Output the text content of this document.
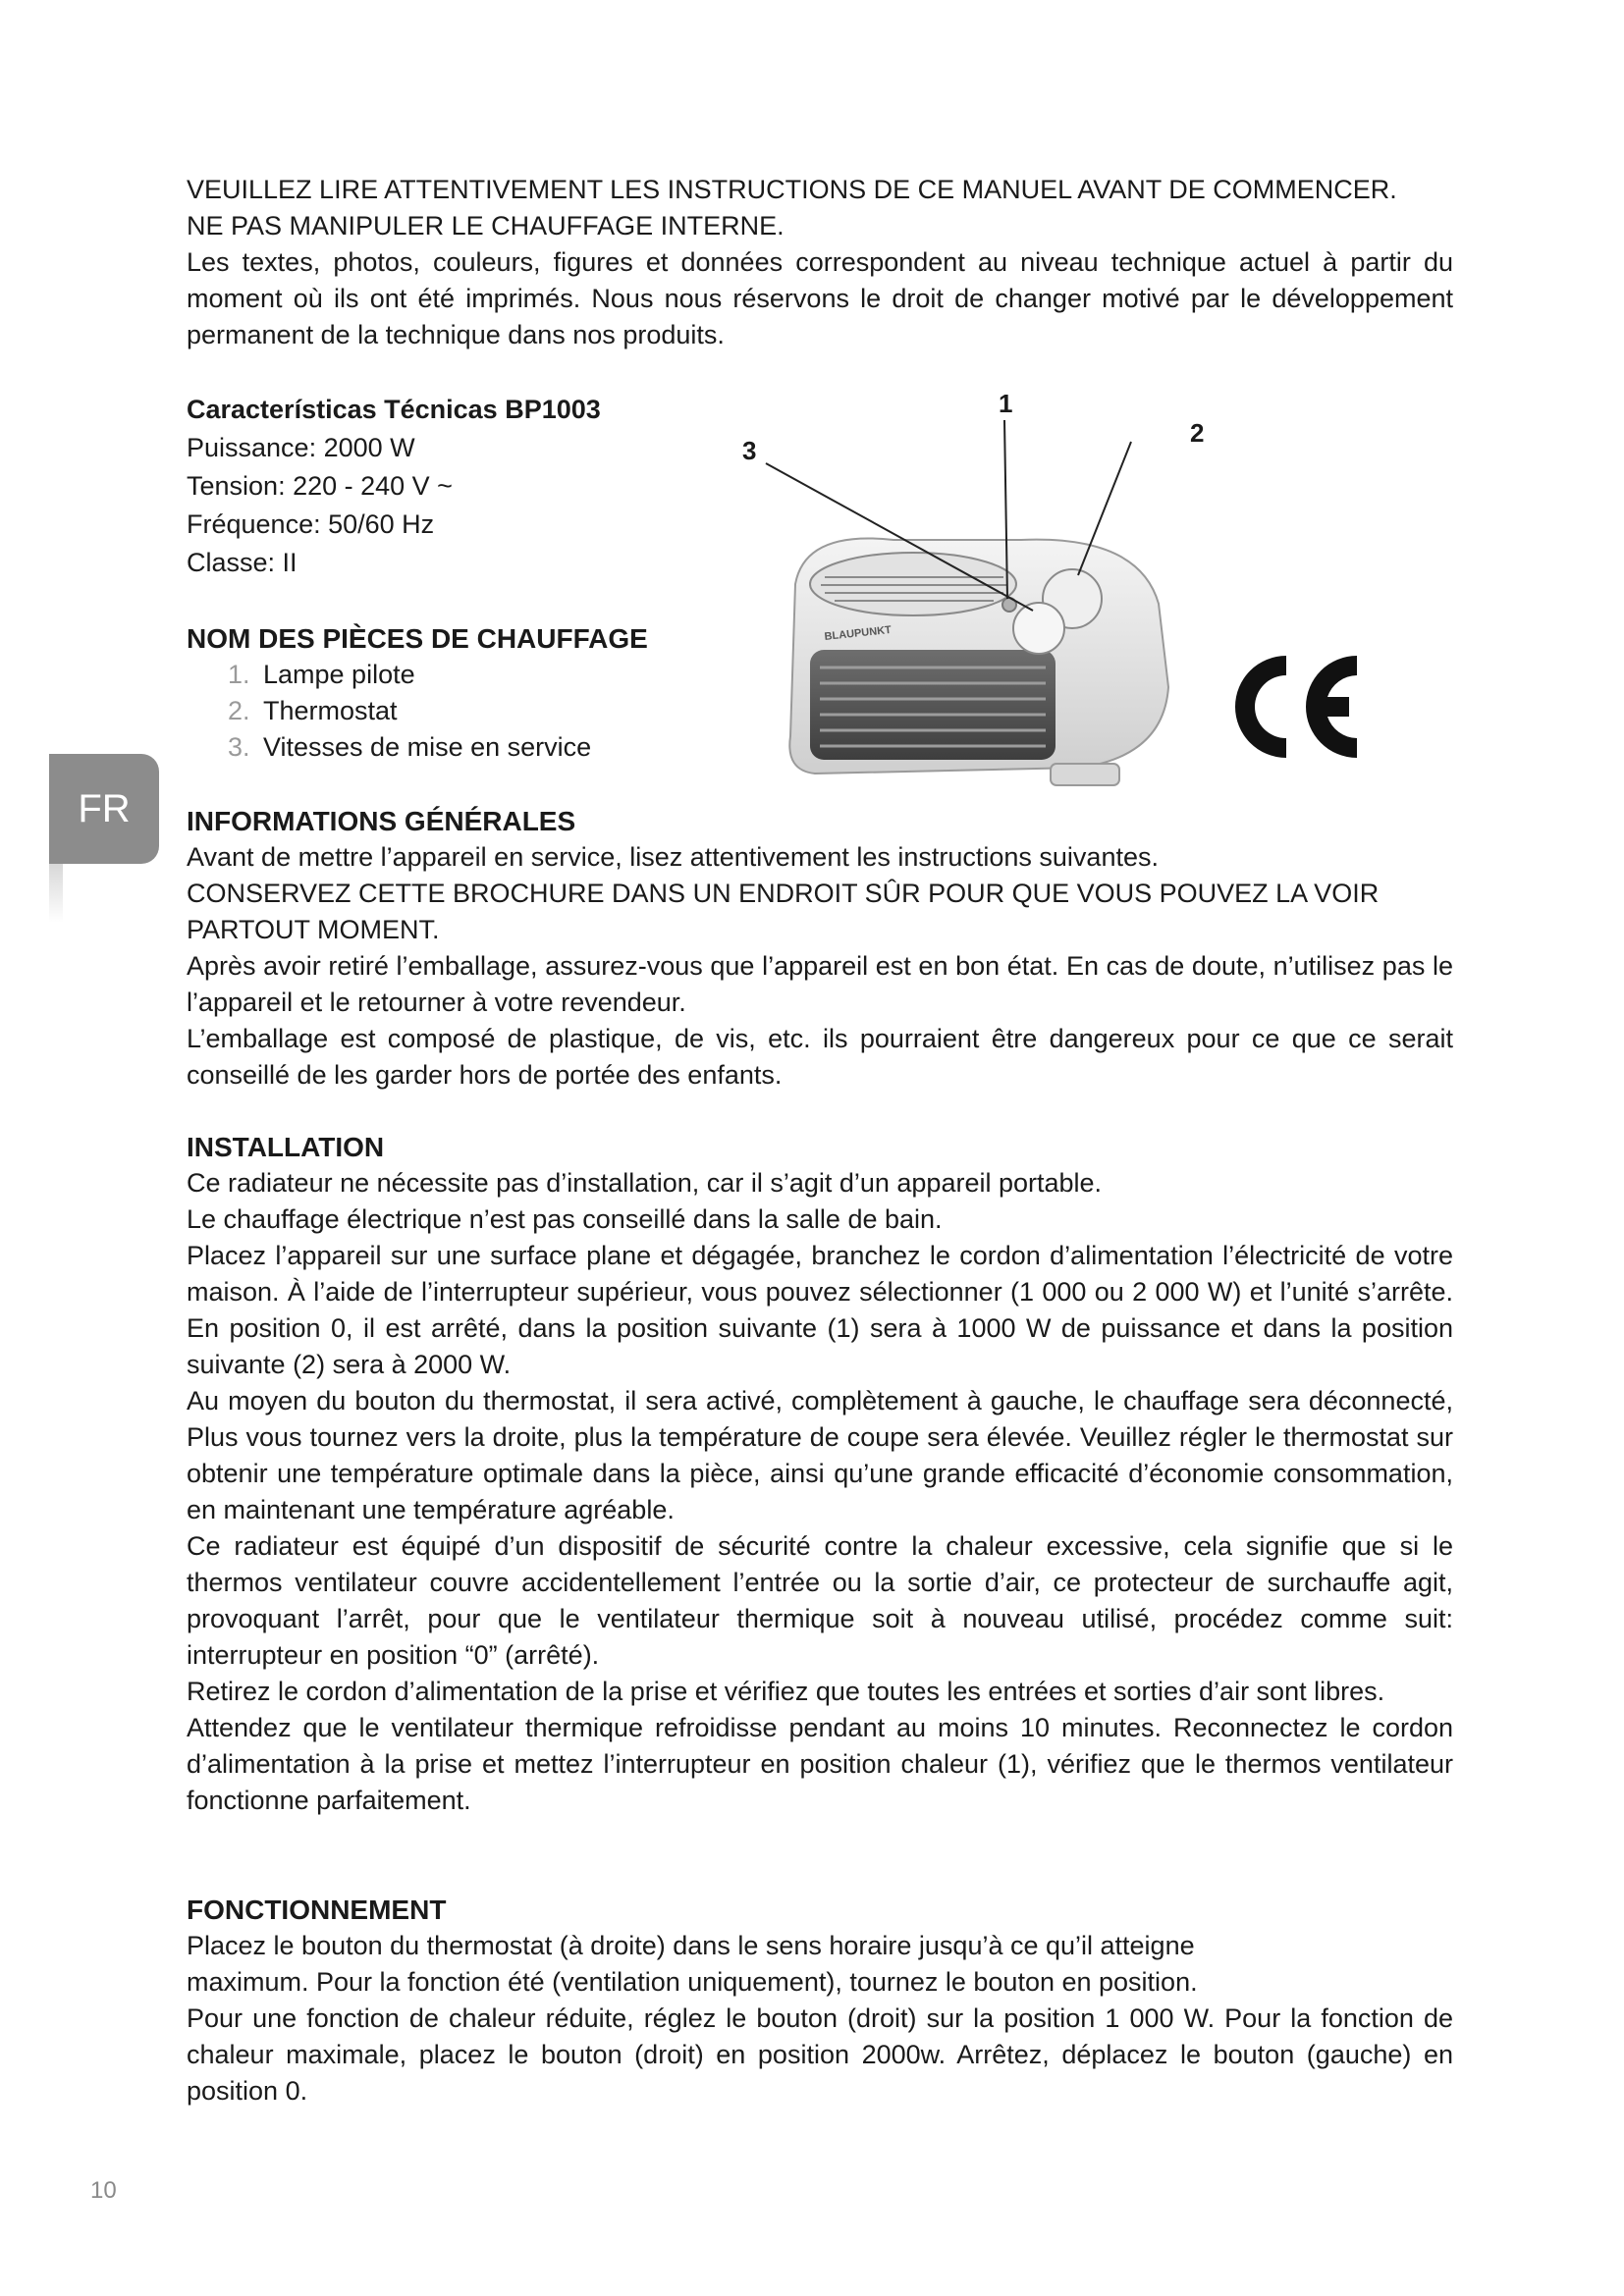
VEUILLEZ LIRE ATTENTIVEMENT LES INSTRUCTIONS DE CE MANUEL AVANT DE COMMENCER.

NE PAS MANIPULER LE CHAUFFAGE INTERNE.

Les textes, photos, couleurs, figures et données correspondent au niveau technique actuel à partir du moment où ils ont été imprimés. Nous nous réservons le droit de changer motivé par le développement permanent de la technique dans nos produits.

Características Técnicas BP1003

Puissance: 2000 W

Tension: 220 - 240 V ~

Fréquence: 50/60 Hz

Classe: II

NOM DES PIÈCES DE CHAUFFAGE

1. Lampe pilote
2. Thermostat
3. Vitesses de mise en service
BLAUPUNKT
1
2
3
FR	INFORMATIONS GÉNÉRALES

Avant de mettre l’appareil en service, lisez attentivement les instructions suivantes.

CONSERVEZ CETTE BROCHURE DANS UN ENDROIT SÛR POUR QUE VOUS POUVEZ LA VOIR PARTOUT MOMENT.

Après avoir retiré l’emballage, assurez-vous que l’appareil est en bon état. En cas de doute, n’utilisez pas le l’appareil et le retourner à votre revendeur.

L’emballage est composé de plastique, de vis, etc. ils pourraient être dangereux pour ce que ce serait conseillé de les garder hors de portée des enfants.

INSTALLATION

Ce radiateur ne nécessite pas d’installation, car il s’agit d’un appareil portable.

Le chauffage électrique n’est pas conseillé dans la salle de bain.

Placez l’appareil sur une surface plane et dégagée, branchez le cordon d’alimentation l’électricité de votre maison. À l’aide de l’interrupteur supérieur, vous pouvez sélectionner (1 000 ou 2 000 W) et l’unité s’arrête. En position 0, il est arrêté, dans la position suivante (1) sera à 1000 W de puissance et dans la position suivante (2) sera à 2000 W.

Au moyen du bouton du thermostat, il sera activé, complètement à gauche, le chauffage sera déconnecté, Plus vous tournez vers la droite, plus la température de coupe sera élevée. Veuillez régler le thermostat sur obtenir une température optimale dans la pièce, ainsi qu’une grande efficacité d’économie consommation, en maintenant une température agréable.

Ce radiateur est équipé d’un dispositif de sécurité contre la chaleur excessive, cela signifie que si le thermos ventilateur couvre accidentellement l’entrée ou la sortie d’air, ce protecteur de surchauffe agit, provoquant l’arrêt, pour que le ventilateur thermique soit à nouveau utilisé, procédez comme suit: interrupteur en position “0” (arrêté).

Retirez le cordon d’alimentation de la prise et vérifiez que toutes les entrées et sorties d’air sont libres.

Attendez que le ventilateur thermique refroidisse pendant au moins 10 minutes. Reconnectez le cordon d’alimentation à la prise et mettez l’interrupteur en position chaleur (1), vérifiez que le thermos ventilateur fonctionne parfaitement.

FONCTIONNEMENT

Placez le bouton du thermostat (à droite) dans le sens horaire jusqu’à ce qu’il atteigne

maximum. Pour la fonction été (ventilation uniquement), tournez le bouton en position.

Pour une fonction de chaleur réduite, réglez le bouton (droit) sur la position 1 000 W. Pour la fonction de chaleur maximale, placez le bouton (droit) en position 2000w. Arrêtez, déplacez le bouton (gauche) en position 0.

10
